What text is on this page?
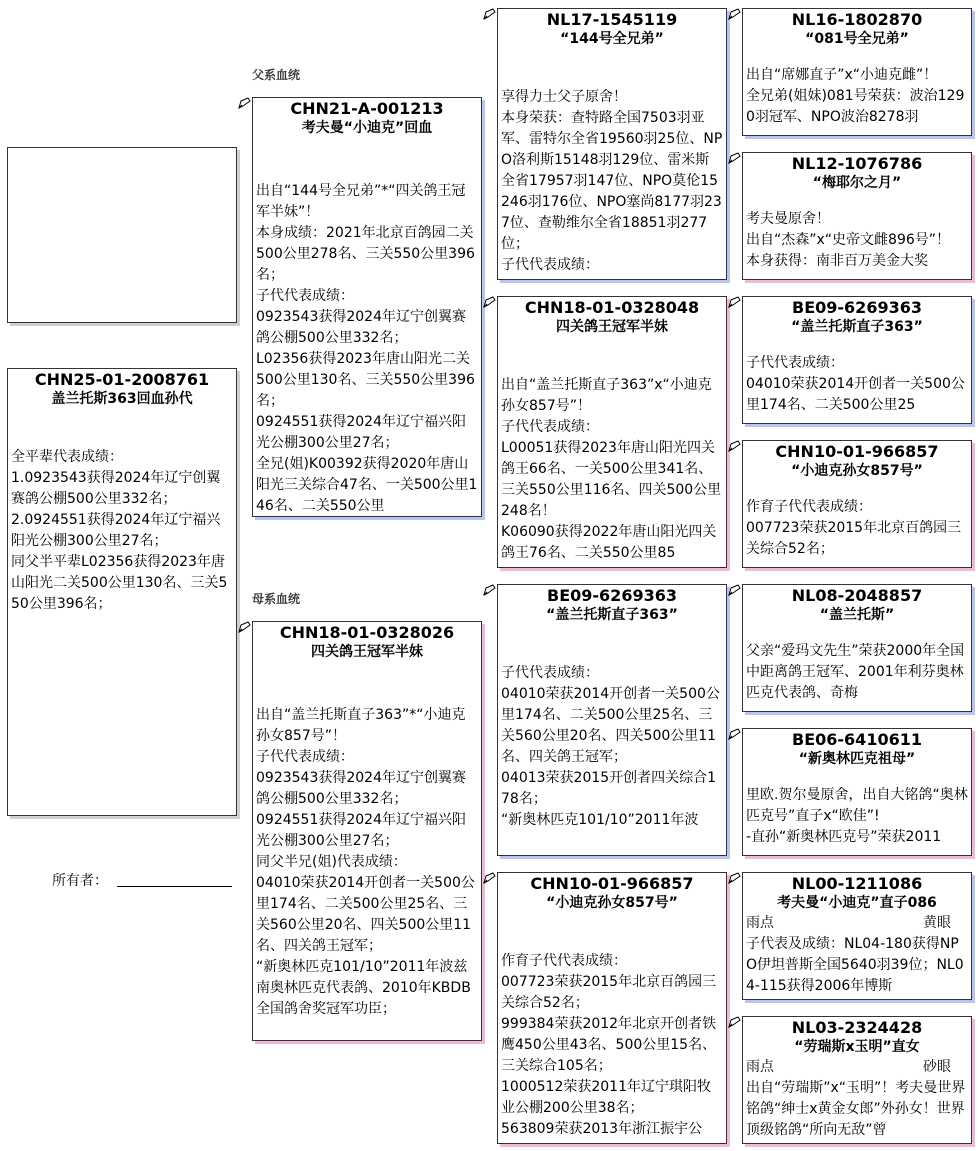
CHN25-01-2008761
盖兰托斯363回血孙代
全平辈代表成绩：
1.0923543获得2024年辽宁创翼赛鸽公棚500公里332名；
2.0924551获得2024年辽宁福兴阳光公棚300公里27名；
同父半平辈L02356获得2023年唐山阳光二关500公里130名、三关550公里396名；
所有者：
父系血统
母系血统
CHN21-A-001213
考夫曼“小迪克”回血
出自“144号全兄弟”*“四关鸽王冠军半妹”！
本身成绩：2021年北京百鸽园二关500公里278名、三关550公里396名；
子代代表成绩：
0923543获得2024年辽宁创翼赛鸽公棚500公里332名；
L02356获得2023年唐山阳光二关500公里130名、三关550公里396名；
0924551获得2024年辽宁福兴阳光公棚300公里27名；
全兄(姐)K00392获得2020年唐山阳光三关综合47名、一关500公里146名、二关550公里
CHN18-01-0328026
四关鸽王冠军半妹
出自“盖兰托斯直子363”*“小迪克孙女857号”！
子代代表成绩：
0923543获得2024年辽宁创翼赛鸽公棚500公里332名；
0924551获得2024年辽宁福兴阳光公棚300公里27名；
同父半兄(姐)代表成绩：
04010荣获2014开创者一关500公里174名、二关500公里25名、三关560公里20名、四关500公里11名、四关鸽王冠军；
“新奥林匹克101/10”2011年波兹南奥林匹克代表鸽、2010年KBDB全国鸽舍奖冠军功臣；
NL17-1545119
“144号全兄弟”
享得力士父子原舍！
本身荣获：查特路全国7503羽亚军、雷特尔全省19560羽25位、NPO洛利斯15148羽129位、雷米斯全省17957羽147位、NPO莫伦15246羽176位、NPO塞尚8177羽237位、查勒维尔全省18851羽277位；
子代代表成绩：
CHN18-01-0328048
四关鸽王冠军半妹
出自“盖兰托斯直子363”x“小迪克孙女857号”！
子代代表成绩：
L00051获得2023年唐山阳光四关鸽王66名、一关500公里341名、三关550公里116名、四关500公里248名！
K06090获得2022年唐山阳光四关鸽王76名、二关550公里85
BE09-6269363
“盖兰托斯直子363”
子代代表成绩：
04010荣获2014开创者一关500公里174名、二关500公里25名、三关560公里20名、四关500公里11名、四关鸽王冠军；
04013荣获2015开创者四关综合178名；
“新奥林匹克101/10”2011年波
CHN10-01-966857
“小迪克孙女857号”
作育子代代表成绩：
007723荣获2015年北京百鸽园三关综合52名；
999384荣获2012年北京开创者铁鹰450公里43名、500公里15名、三关综合105名；
1000512荣获2011年辽宁琪阳牧业公棚200公里38名；
563809荣获2013年浙江振宇公
NL16-1802870
“081号全兄弟”
出自“席娜直子”x“小迪克雌”！
全兄弟(姐妹)081号荣获：波治1290羽冠军、NPO波治8278羽
NL12-1076786
“梅耶尔之月”
考夫曼原舍！
出自“杰森”x“史帝文雌896号”！
本身获得：南非百万美金大奖
BE09-6269363
“盖兰托斯直子363”
子代代表成绩：
04010荣获2014开创者一关500公里174名、二关500公里25
CHN10-01-966857
“小迪克孙女857号”
作育子代代表成绩：
007723荣获2015年北京百鸽园三关综合52名；
NL08-2048857
“盖兰托斯”
父亲“爱玛文先生”荣获2000年全国中距离鸽王冠军、2001年利芬奥林匹克代表鸽、奇梅
BE06-6410611
“新奥林匹克祖母”
里欧.贺尔曼原舍，出自大铭鸽“奥林匹克号”直子x“欧佳”!
-直孙“新奥林匹克号”荣获2011
NL00-1211086
考夫曼“小迪克”直子086
雨点	黄眼
子代表及成绩：NL04-180获得NPO伊坦普斯全国5640羽39位；NL04-115获得2006年博斯
NL03-2324428
“劳瑞斯x玉明”直女
雨点	砂眼
出自“劳瑞斯”x“玉明”！考夫曼世界铭鸽“绅士x黄金女郎”外孙女！世界顶级铭鸽“所向无敌”曾
